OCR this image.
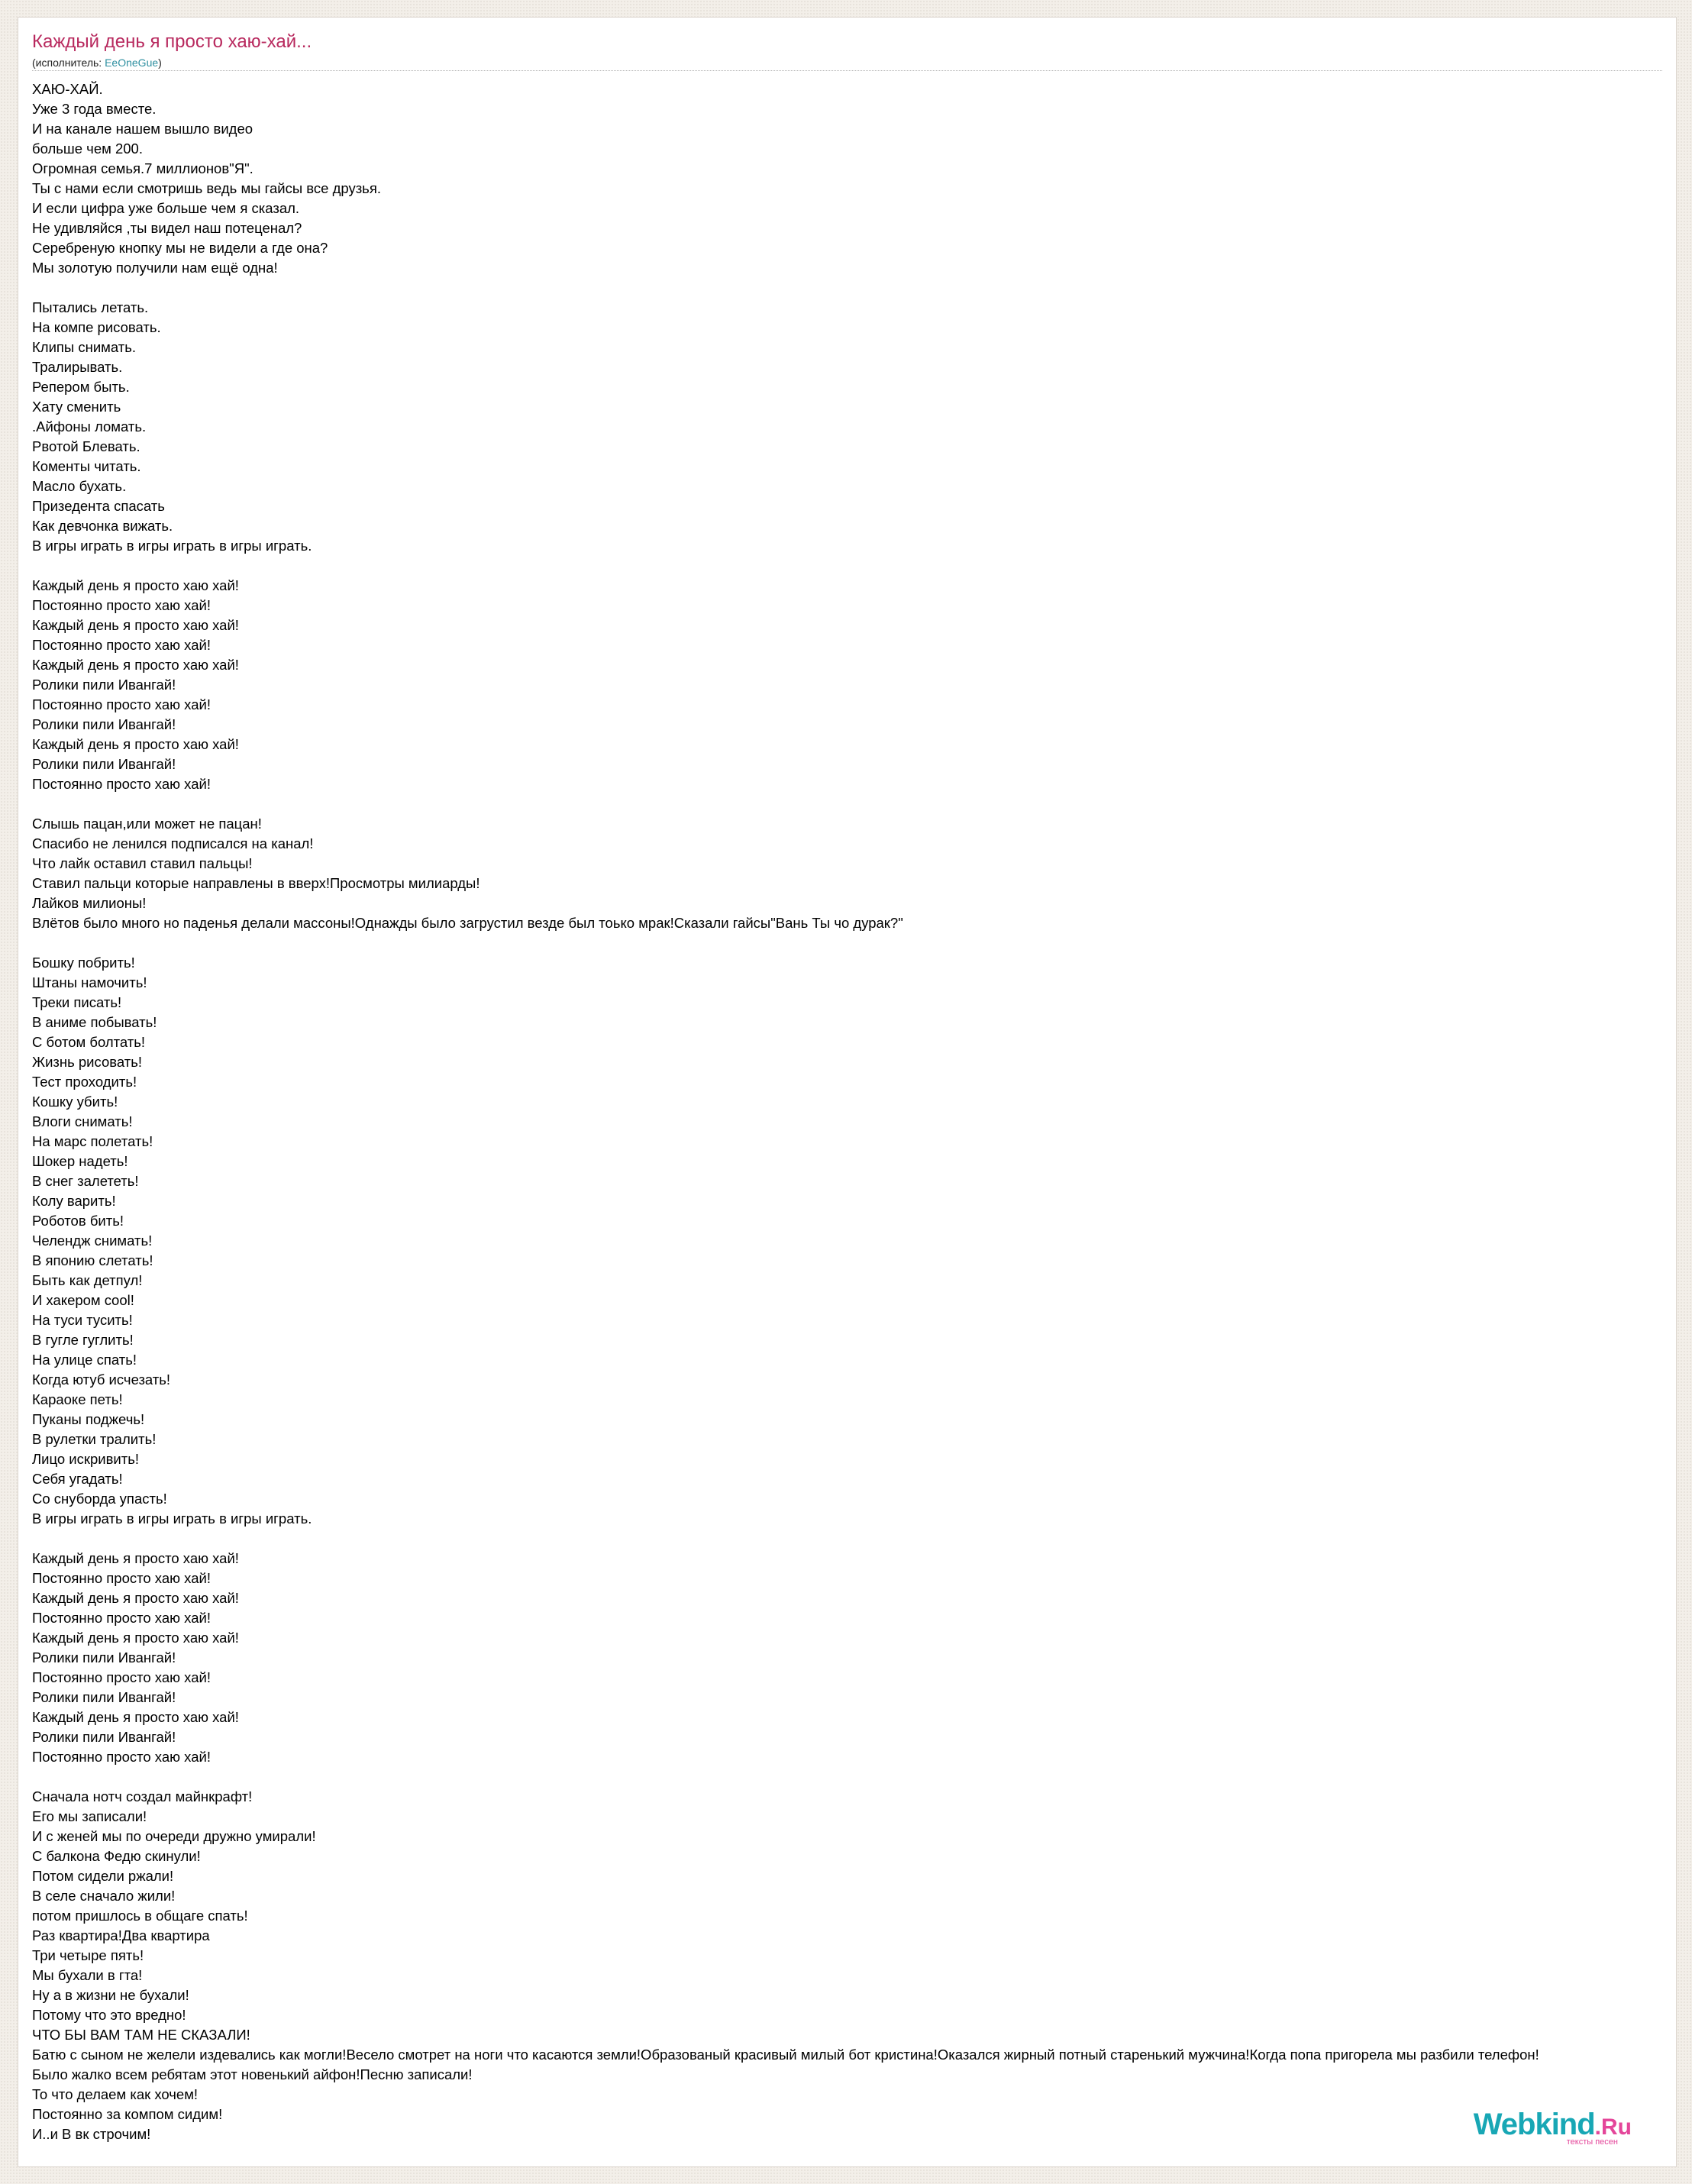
Каждый день я просто хаю-хай...
(исполнитель: EeOneGue)
ХАЮ-ХАЙ.
Уже 3 года вместе.
И на канале нашем вышло видео
больше чем 200.
Огромная семья.7 миллионов"Я".
Ты с нами если смотришь ведь мы гайсы все друзья.
И если цифра уже больше чем я сказал.
Не удивляйся ,ты видел наш потеценал?
Серебреную кнопку мы не видели а где она?
Мы золотую получили нам ещё одна!
Пытались летать.
На компе рисовать.
Клипы снимать.
Тралирывать.
Репером быть.
Хату сменить
.Айфоны ломать.
Рвотой Блевать.
Коменты читать.
Масло бухать.
Призедента спасать
Как девчонка вижать.
В игры играть в игры играть в игры играть.
Каждый день я просто хаю хай!
Постоянно просто хаю хай!
Каждый день я просто хаю хай!
Постоянно просто хаю хай!
Каждый день я просто хаю хай!
Ролики пили Ивангай!
Постоянно просто хаю хай!
Ролики пили Ивангай!
Каждый день я просто хаю хай!
Ролики пили Ивангай!
Постоянно просто хаю хай!
Слышь пацан,или может не пацан!
Спасибо не ленился подписался на канал!
Что лайк оставил ставил пальцы!
Ставил пальци которые направлены в вверх!Просмотры милиарды!
Лайков милионы!
Влётов было много но паденья делали массоны!Однажды было загрустил везде был тоько мрак!Сказали гайсы"Вань Ты чо дурак?"
Бошку побрить!
Штаны намочить!
Треки писать!
В аниме побывать!
С ботом болтать!
Жизнь рисовать!
Тест проходить!
Кошку убить!
Влоги снимать!
На марс полетать!
Шокер надеть!
В снег залететь!
Колу варить!
Роботов бить!
Челендж снимать!
В японию слетать!
Быть как детпул!
И хакером cool!
На туси тусить!
В гугле гуглить!
На улице спать!
Когда ютуб исчезать!
Караоке петь!
Пуканы поджечь!
В рулетки тралить!
Лицо искривить!
Себя угадать!
Со снуборда упасть!
В игры играть в игры играть в игры играть.
Каждый день я просто хаю хай!
Постоянно просто хаю хай!
Каждый день я просто хаю хай!
Постоянно просто хаю хай!
Каждый день я просто хаю хай!
Ролики пили Ивангай!
Постоянно просто хаю хай!
Ролики пили Ивангай!
Каждый день я просто хаю хай!
Ролики пили Ивангай!
Постоянно просто хаю хай!
Сначала нотч создал майнкрафт!
Его мы записали!
И с женей мы по очереди дружно умирали!
С балкона Федю скинули!
Потом сидели ржали!
В селе сначало жили!
потом пришлось в общаге спать!
Раз квартира!Два квартира
Три четыре пять!
Мы бухали в гта!
Ну а в жизни не бухали!
Потому что это вредно!
ЧТО БЫ ВАМ ТАМ НЕ СКАЗАЛИ!
Батю с сыном не желели издевались как могли!Весело смотрет на ноги что касаются земли!Образованый красивый милый бот кристина!Оказался жирный потный старенький мужчина!Когда попа пригорела мы разбили телефон!
Было жалко всем ребятам этот новенький айфон!Песню записали!
То что делаем как хочем!
Постоянно за компом сидим!
И..и В вк строчим!	Webkind.Ru
тексты песен
